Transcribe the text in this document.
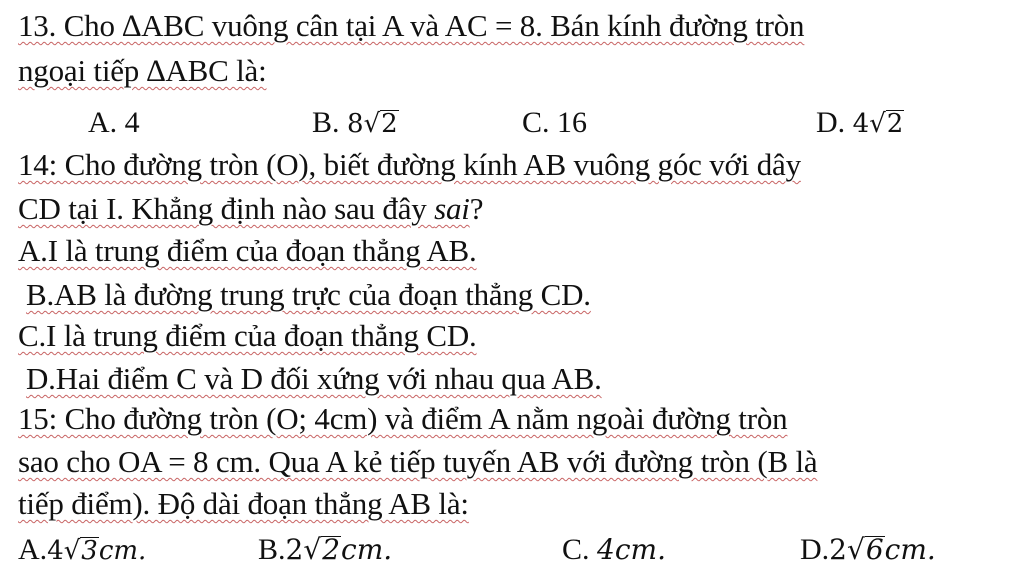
13. Cho ∆ABC vuông cân tại A và AC = 8. Bán kính đường tròn
ngoại tiếp ∆ABC là:
A. 4	B. 8√2	C. 16	D. 4√2
14: Cho đường tròn (O), biết đường kính AB vuông góc với dây
CD tại I. Khẳng định nào sau đây sai?
A.I là trung điểm của đoạn thẳng AB.
B.AB là đường trung trực của đoạn thẳng CD.
C.I là trung điểm của đoạn thẳng CD.
D.Hai điểm C và D đối xứng với nhau qua AB.
15: Cho đường tròn (O; 4cm) và điểm A nằm ngoài đường tròn
sao cho OA = 8 cm. Qua A kẻ tiếp tuyến AB với đường tròn (B là
tiếp điểm). Độ dài đoạn thẳng AB là:
A.4√3cm.	B.2√2cm.	C. 4cm.	D.2√6cm.
